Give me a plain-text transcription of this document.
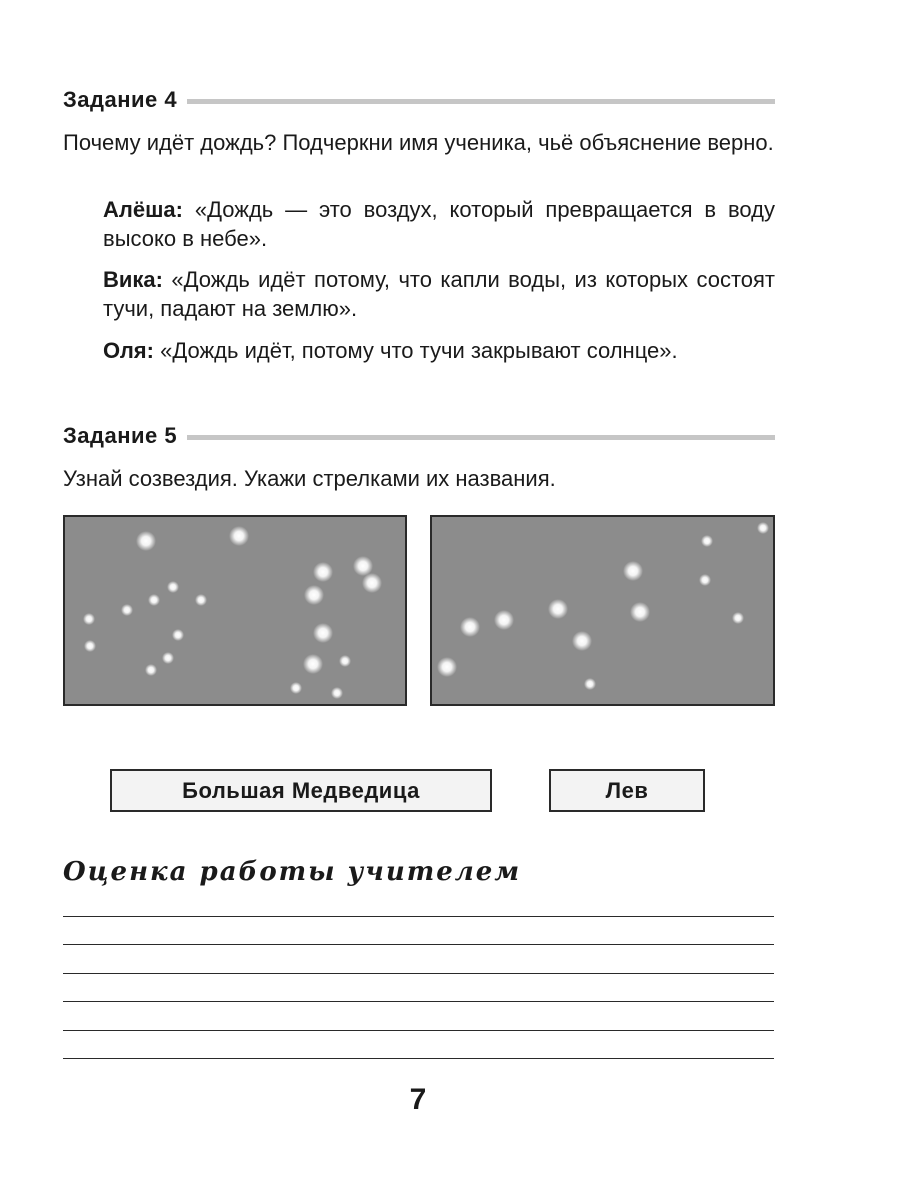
Задание 4

Почему идёт дождь? Подчеркни имя ученика, чьё объяснение верно.

Алёша: «Дождь — это воздух, который превращается в воду высоко в небе».

Вика: «Дождь идёт потому, что капли воды, из которых состоят тучи, падают на землю».

Оля: «Дождь идёт, потому что тучи закрывают солнце».

Задание 5

Узнай созвездия. Укажи стрелками их названия.

Большая Медведица	Лев

Оценка работы учителем

7
